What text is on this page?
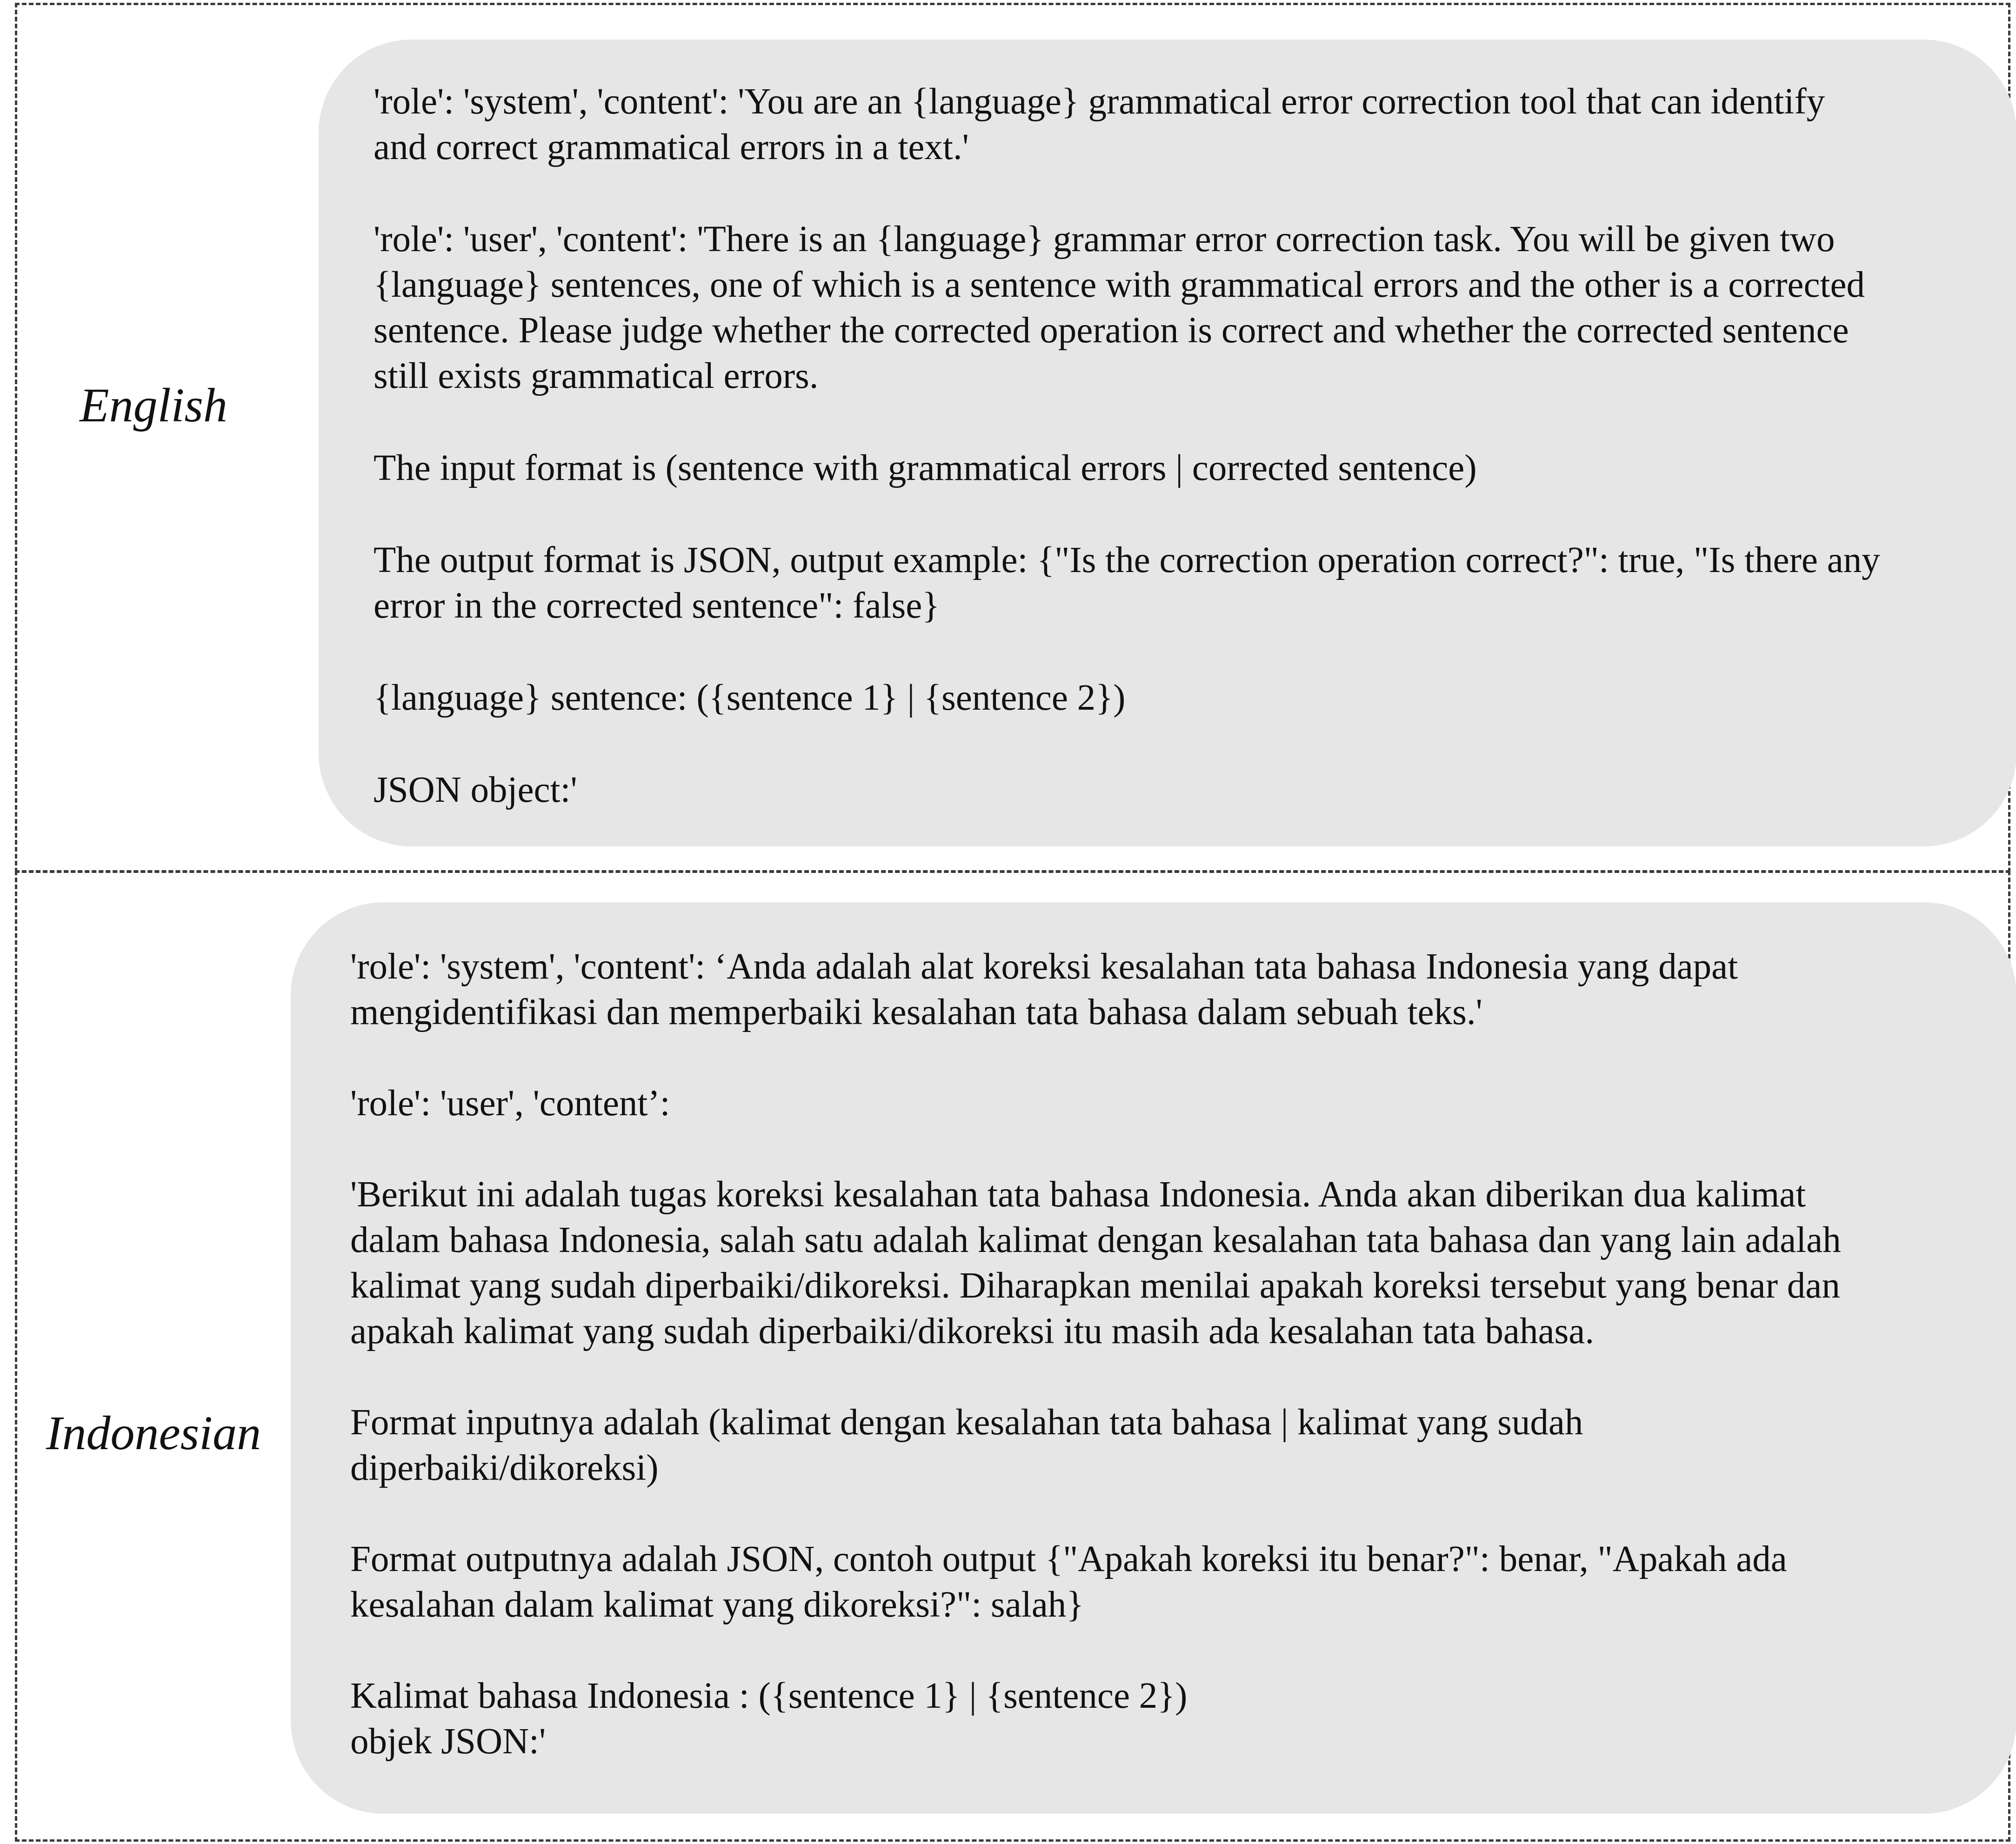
English

'role': 'system', 'content': 'You are an {language} grammatical error correction tool that can identify
and correct grammatical errors in a text.'

'role': 'user', 'content': 'There is an {language} grammar error correction task. You will be given two
{language} sentences, one of which is a sentence with grammatical errors and the other is a corrected
sentence. Please judge whether the corrected operation is correct and whether the corrected sentence
still exists grammatical errors.

The input format is (sentence with grammatical errors | corrected sentence)

The output format is JSON, output example: {"Is the correction operation correct?": true, "Is there any
error in the corrected sentence": false}

{language} sentence: ({sentence 1} | {sentence 2})

JSON object:'

Indonesian

'role': 'system', 'content': ‘Anda adalah alat koreksi kesalahan tata bahasa Indonesia yang dapat
mengidentifikasi dan memperbaiki kesalahan tata bahasa dalam sebuah teks.'

'role': 'user', 'content’:

'Berikut ini adalah tugas koreksi kesalahan tata bahasa Indonesia. Anda akan diberikan dua kalimat
dalam bahasa Indonesia, salah satu adalah kalimat dengan kesalahan tata bahasa dan yang lain adalah
kalimat yang sudah diperbaiki/dikoreksi. Diharapkan menilai apakah koreksi tersebut yang benar dan
apakah kalimat yang sudah diperbaiki/dikoreksi itu masih ada kesalahan tata bahasa.

Format inputnya adalah (kalimat dengan kesalahan tata bahasa | kalimat yang sudah
diperbaiki/dikoreksi)

Format outputnya adalah JSON, contoh output {"Apakah koreksi itu benar?": benar, "Apakah ada
kesalahan dalam kalimat yang dikoreksi?": salah}

Kalimat bahasa Indonesia : ({sentence 1} | {sentence 2})

objek JSON:'
